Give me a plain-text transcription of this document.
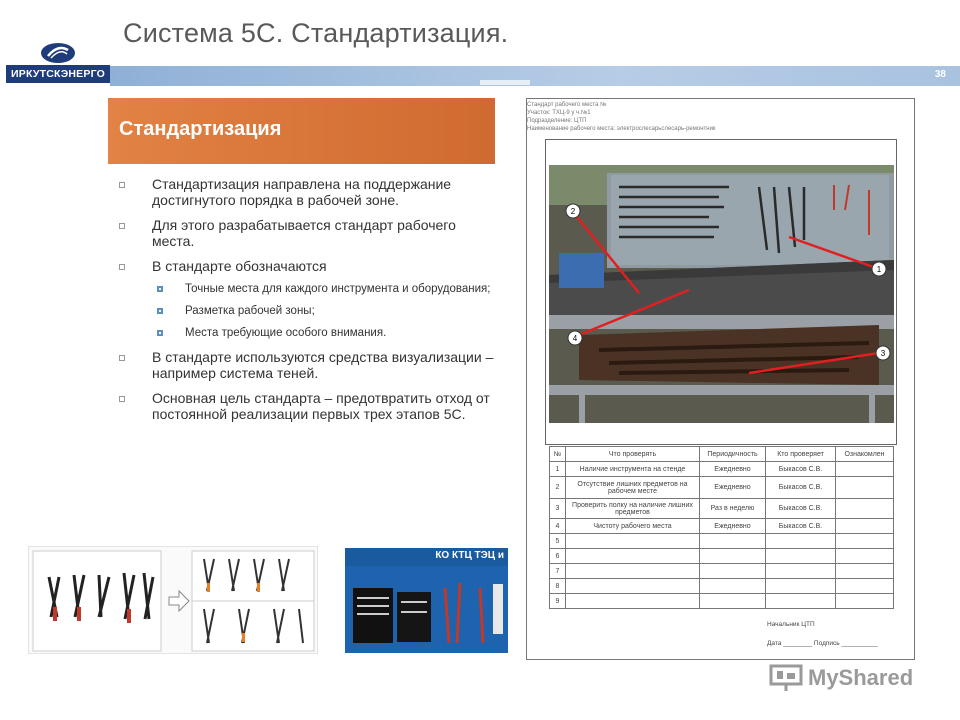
Система 5С. Стандартизация.
ИРКУТСКЭНЕРГО	38
Стандартизация
Стандартизация направлена на поддержание достигнутого порядка в рабочей зоне.
Для этого разрабатывается стандарт рабочего места.
В стандарте обозначаются
Точные места для каждого инструмента и оборудования;
Разметка рабочей зоны;
Места требующие особого внимания.
В стандарте используются средства визуализации – например система теней.
Основная цель стандарта – предотвратить отход от постоянной реализации первых трех этапов 5С.
КО КТЦ ТЭЦ и
Стандарт рабочего места №
Участок: ТХЦ-9 у ч.№1
Подразделение: ЦТП
Наименование рабочего места: электрослесарьслесарь-ремонтник
1
2
3
4
№	Что проверять	Периодичность	Кто проверяет	Ознакомлен
1	Наличие инструмента на стенде	Ежедневно	Быкасов С.В.	
2	Отсутствие лишних предметов на рабочем месте	Ежедневно	Быкасов С.В.	
3	Проверить полку на наличие лишних предметов	Раз в неделю	Быкасов С.В.	
4	Чистоту рабочего места	Ежедневно	Быкасов С.В.	
5				
6				
7				
8				
9				
Начальник ЦТП
Дата ________ Подпись __________
MyShared
